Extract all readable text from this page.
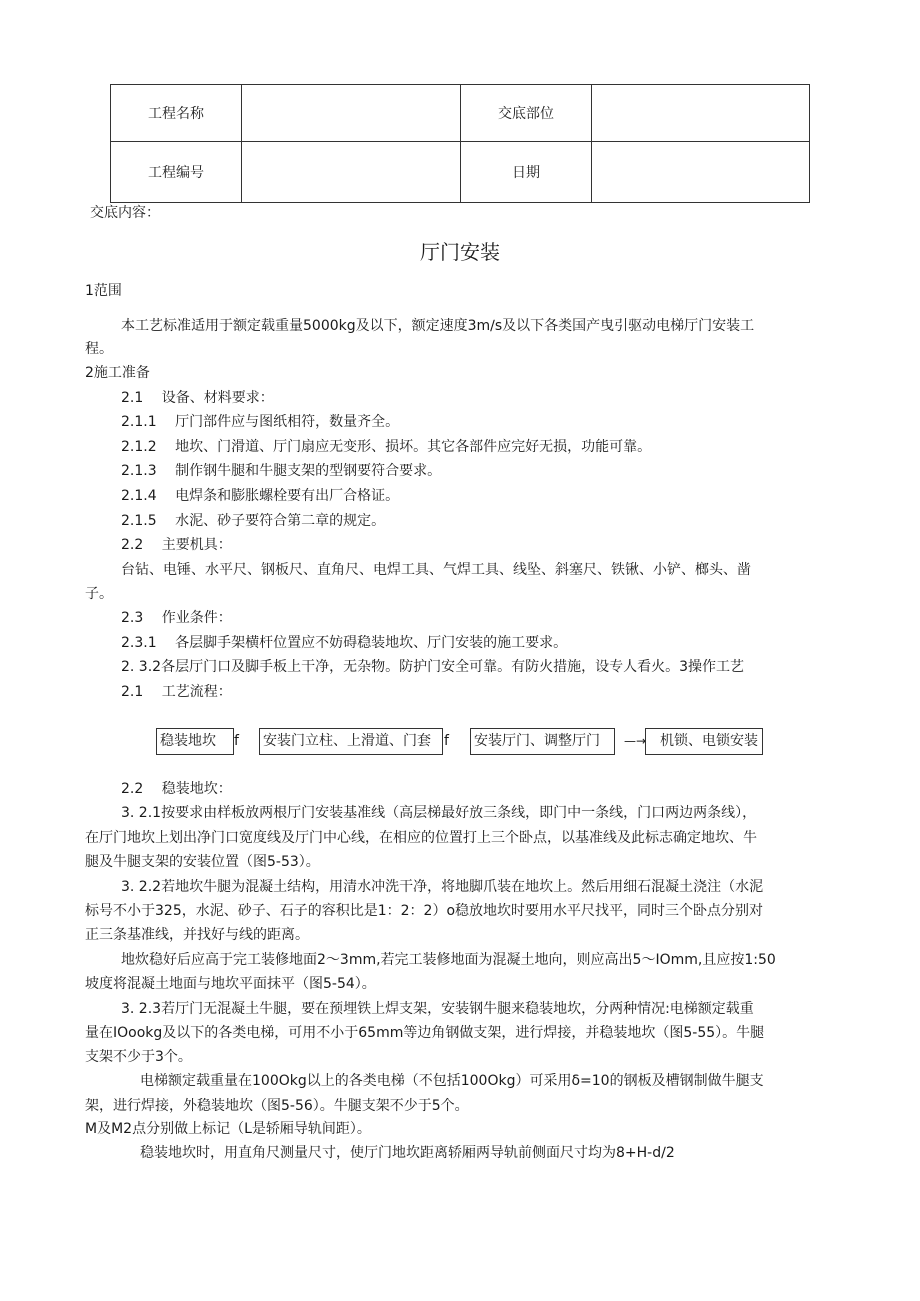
工程名称		交底部位	
工程编号		日期	
交底内容：
厅门安装
1范围
本工艺标准适用于额定载重量5000kg及以下，额定速度3m∕s及以下各类国产曳引驱动电梯厅门安装工
程。
2施工准备
2.1　 设备、材料要求：
2.1.1　 厅门部件应与图纸相符，数量齐全。
2.1.2　 地坎、门滑道、厅门扇应无变形、损坏。其它各部件应完好无损，功能可靠。
2.1.3　 制作钢牛腿和牛腿支架的型钢要符合要求。
2.1.4　 电焊条和膨胀螺栓要有出厂合格证。
2.1.5　 水泥、砂子要符合第二章的规定。
2.2　 主要机具：
台钻、电锤、水平尺、钢板尺、直角尺、电焊工具、气焊工具、线坠、斜塞尺、铁锹、小铲、榔头、凿
子。
2.3　 作业条件：
2.3.1　 各层脚手架横杆位置应不妨碍稳装地坎、厅门安装的施工要求。
2. 3.2各层厅门口及脚手板上干净，无杂物。防护门安全可靠。有防火措施，设专人看火。3操作工艺
2.1　 工艺流程：
稳装地坎	f 安装门立柱、上滑道、门套 f 安装厅门、调整厅门	—→ 机锁、电锁安装
2.2　 稳装地坎：
3. 2.1按要求由样板放两根厅门安装基准线（高层梯最好放三条线，即门中一条线，门口两边两条线），
在厅门地坎上划出净门口宽度线及厅门中心线，在相应的位置打上三个卧点，以基准线及此标志确定地坎、牛
腿及牛腿支架的安装位置（图5-53）。
3. 2.2若地坎牛腿为混凝土结构，用清水冲洗干净，将地脚爪装在地坎上。然后用细石混凝土浇注（水泥
标号不小于325，水泥、砂子、石子的容积比是1：2：2）o稳放地坎时要用水平尺找平，同时三个卧点分别对
正三条基准线，并找好与线的距离。
地炊稳好后应高于完工装修地面2～3mm,若完工装修地面为混凝土地向，则应高出5～IOmm,且应按1:50
坡度将混凝土地面与地坎平面抹平（图5-54）。
3. 2.3若厅门无混凝土牛腿，要在预埋铁上焊支架，安装钢牛腿来稳装地坎，分两种情况:电梯额定载重
量在IOookg及以下的各类电梯，可用不小于65mm等边角钢做支架，进行焊接，并稳装地坎（图5-55）。牛腿
支架不少于3个。
电梯额定载重量在100Okg以上的各类电梯（不包括100Okg）可采用δ=10的钢板及槽钢制做牛腿支
架，进行焊接，外稳装地坎（图5-56）。牛腿支架不少于5个。
M及M2点分别做上标记（L是轿厢导轨间距）。
稳装地坎时，用直角尺测量尺寸，使厅门地坎距离轿厢两导轨前侧面尺寸均为8+H-d∕2
